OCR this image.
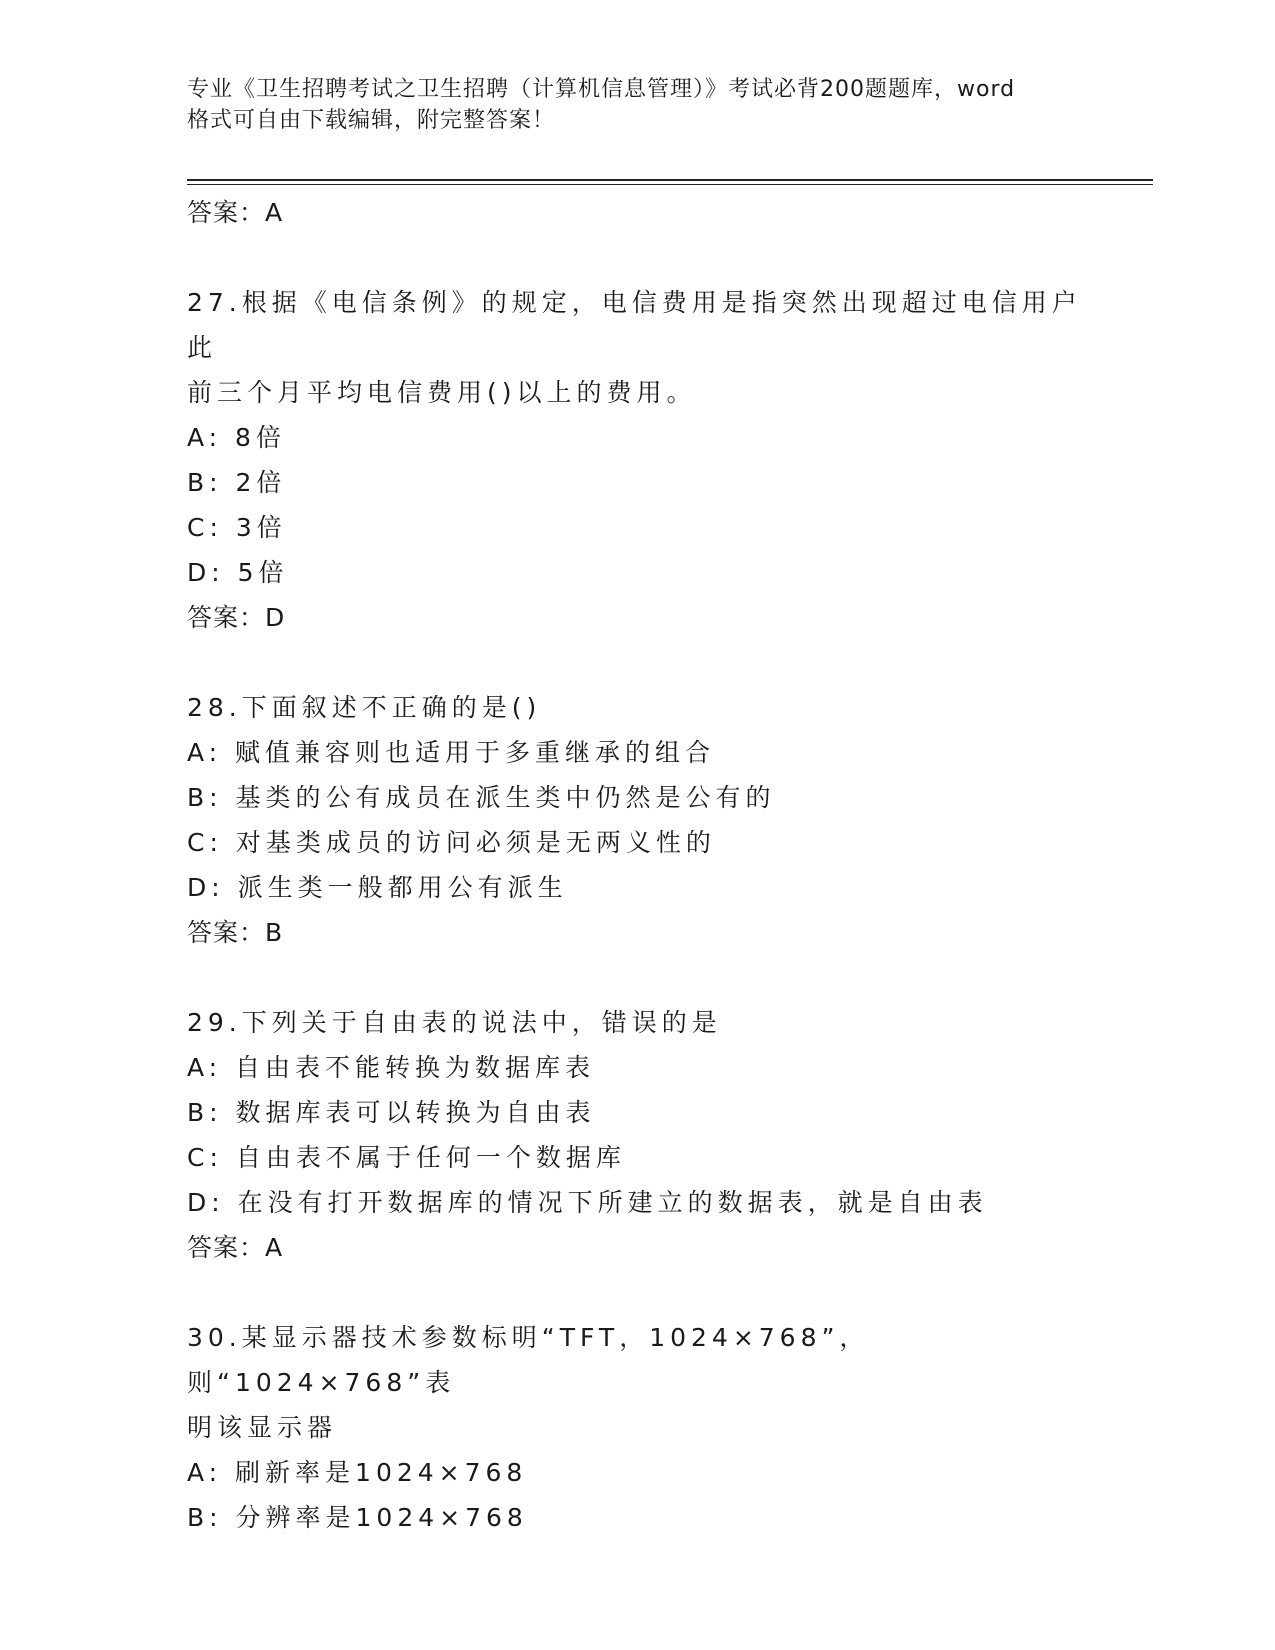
专业《卫生招聘考试之卫生招聘（计算机信息管理）》考试必背200题题库，word
格式可自由下载编辑，附完整答案！
答案：A
27.根据《电信条例》的规定，电信费用是指突然出现超过电信用户此
前三个月平均电信费用()以上的费用。
A: 8倍
B: 2倍
C: 3倍
D: 5倍
答案：D
28.下面叙述不正确的是()
A: 赋值兼容则也适用于多重继承的组合
B: 基类的公有成员在派生类中仍然是公有的
C: 对基类成员的访问必须是无两义性的
D: 派生类一般都用公有派生
答案：B
29.下列关于自由表的说法中，错误的是
A: 自由表不能转换为数据库表
B: 数据库表可以转换为自由表
C: 自由表不属于任何一个数据库
D: 在没有打开数据库的情况下所建立的数据表，就是自由表
答案：A
30.某显示器技术参数标明“TFT，1024×768”，则“1024×768”表
明该显示器
A: 刷新率是1024×768
B: 分辨率是1024×768
